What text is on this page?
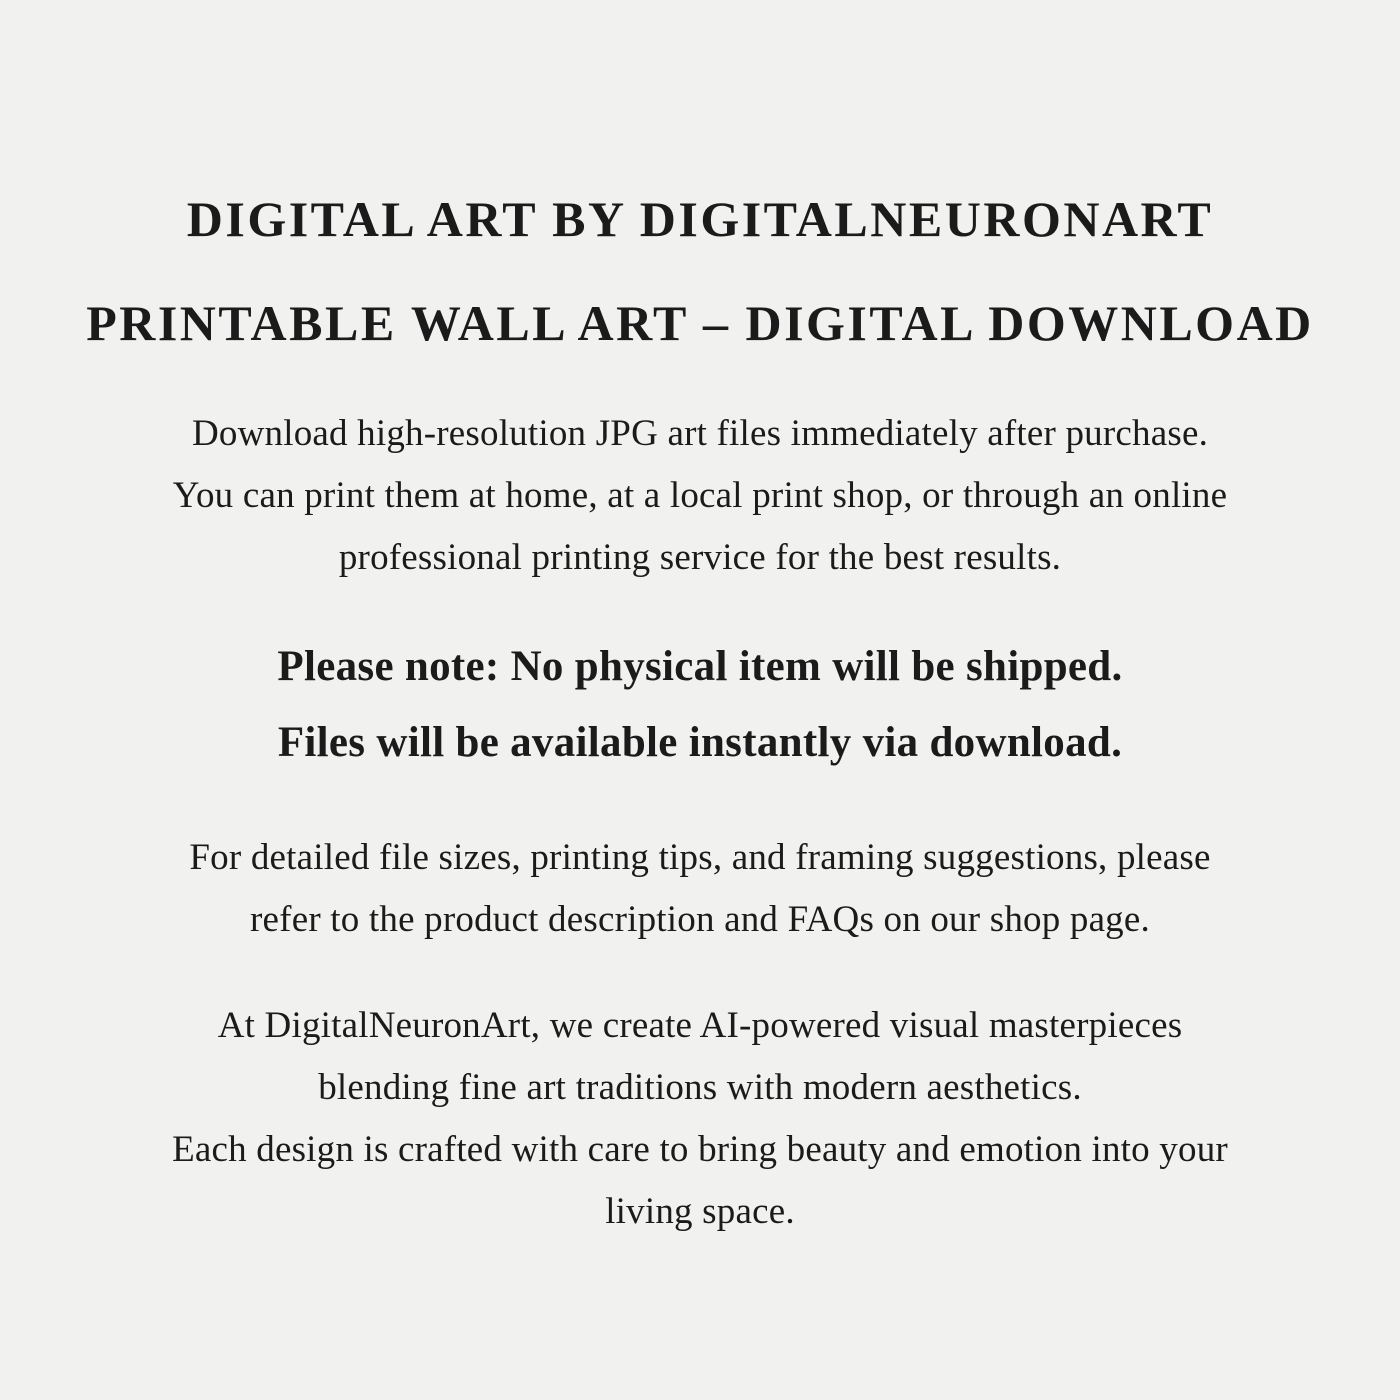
DIGITAL ART BY DIGITALNEURONART
PRINTABLE WALL ART – DIGITAL DOWNLOAD

Download high-resolution JPG art files immediately after purchase.
You can print them at home, at a local print shop, or through an online
professional printing service for the best results.

Please note: No physical item will be shipped.
Files will be available instantly via download.

For detailed file sizes, printing tips, and framing suggestions, please
refer to the product description and FAQs on our shop page.

At DigitalNeuronArt, we create AI-powered visual masterpieces
blending fine art traditions with modern aesthetics.
Each design is crafted with care to bring beauty and emotion into your
living space.
